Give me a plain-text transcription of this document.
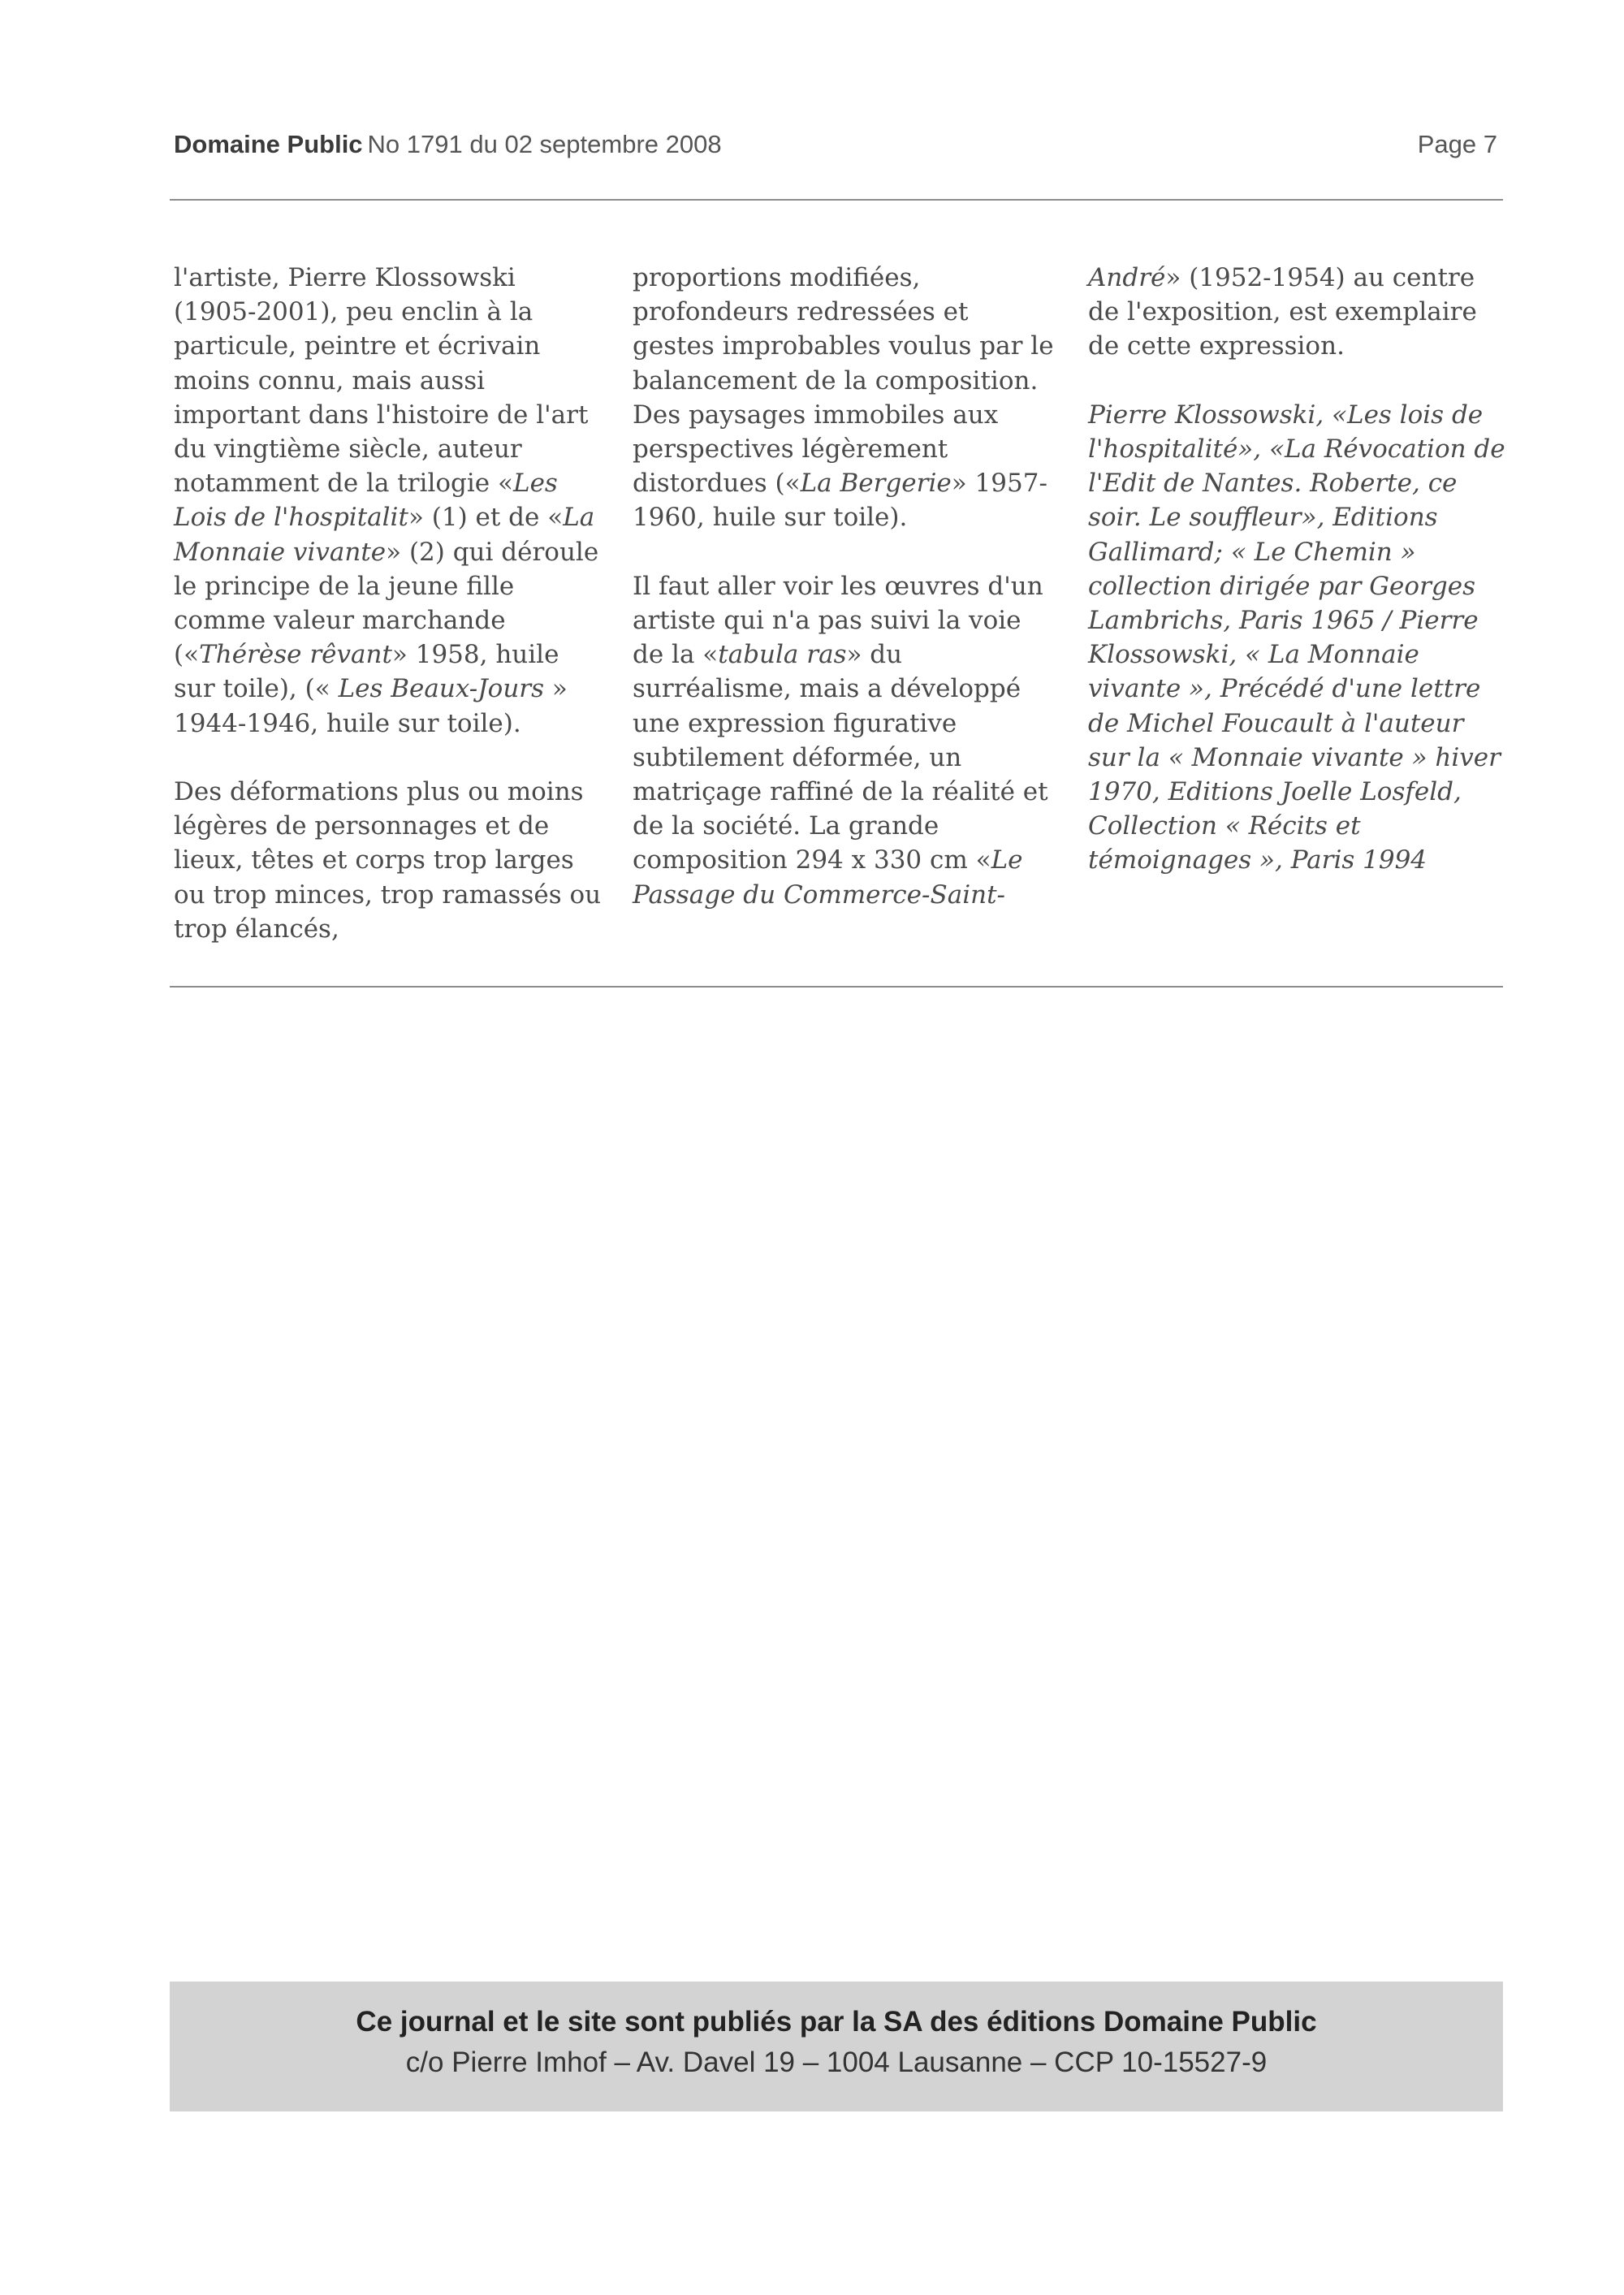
Domaine Public No 1791 du 02 septembre 2008	Page 7

l'artiste, Pierre Klossowski (1905-2001), peu enclin à la particule, peintre et écrivain moins connu, mais aussi important dans l'histoire de l'art du vingtième siècle, auteur notamment de la trilogie «Les Lois de l'hospitalit» (1) et de «La Monnaie vivante» (2) qui déroule le principe de la jeune fille comme valeur marchande («Thérèse rêvant» 1958, huile sur toile), (« Les Beaux-Jours » 1944-1946, huile sur toile).

Des déformations plus ou moins légères de personnages et de lieux, têtes et corps trop larges ou trop minces, trop ramassés ou trop élancés,

proportions modifiées, profondeurs redressées et gestes improbables voulus par le balancement de la composition. Des paysages immobiles aux perspectives légèrement distordues («La Bergerie» 1957-1960, huile sur toile).

Il faut aller voir les œuvres d'un artiste qui n'a pas suivi la voie de la «tabula ras» du surréalisme, mais a développé une expression figurative subtilement déformée, un matriçage raffiné de la réalité et de la société. La grande composition 294 x 330 cm «Le Passage du Commerce-Saint-

André» (1952-1954) au centre de l'exposition, est exemplaire de cette expression.

Pierre Klossowski, «Les lois de l'hospitalité», «La Révocation de l'Edit de Nantes. Roberte, ce soir. Le souffleur», Editions Gallimard; « Le Chemin » collection dirigée par Georges Lambrichs, Paris 1965 / Pierre Klossowski, « La Monnaie vivante », Précédé d'une lettre de Michel Foucault à l'auteur sur la « Monnaie vivante » hiver 1970, Editions Joelle Losfeld, Collection « Récits et témoignages », Paris 1994

Ce journal et le site sont publiés par la SA des éditions Domaine Public
c/o Pierre Imhof – Av. Davel 19 – 1004 Lausanne – CCP 10-15527-9
